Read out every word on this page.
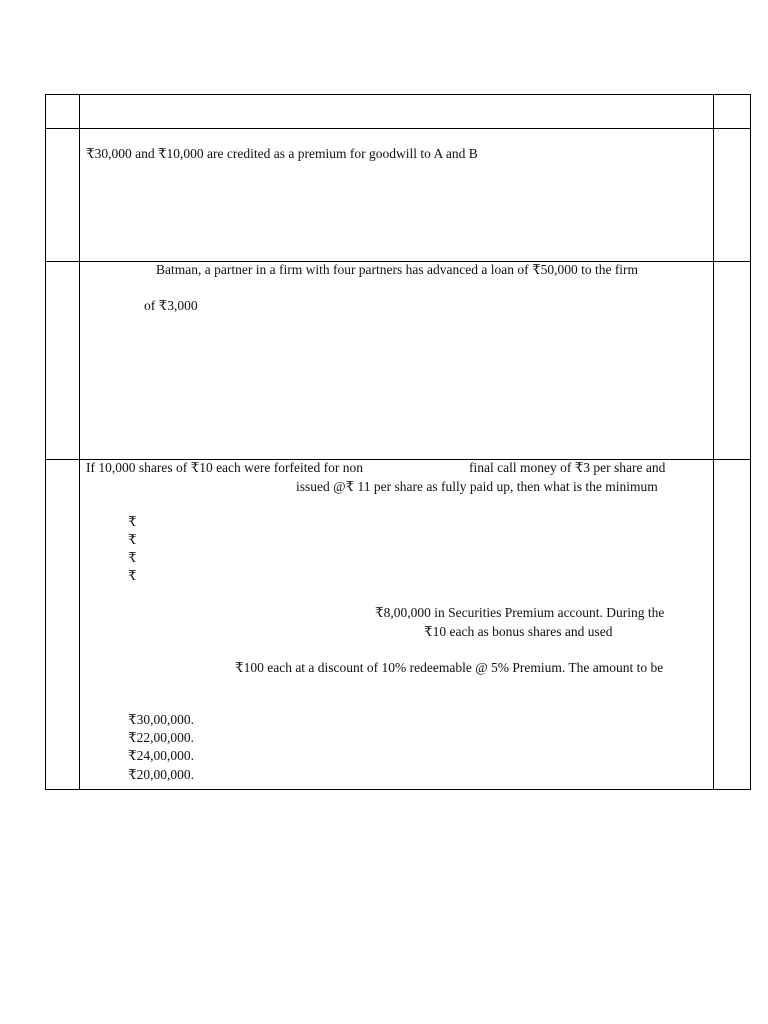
₹30,000 and ₹10,000 are credited as a premium for goodwill to A and B
Batman, a partner in a firm with four partners has advanced a loan of ₹50,000 to the firm
of ₹3,000
If 10,000 shares of ₹10 each were forfeited for non	final call money of ₹3 per share and
issued @₹ 11 per share as fully paid up, then what is the minimum
₹
₹
₹
₹
₹8,00,000 in Securities Premium account. During the
₹10 each as bonus shares and used
₹100 each at a discount of 10% redeemable @ 5% Premium. The amount to be
₹30,00,000.
₹22,00,000.
₹24,00,000.
₹20,00,000.
